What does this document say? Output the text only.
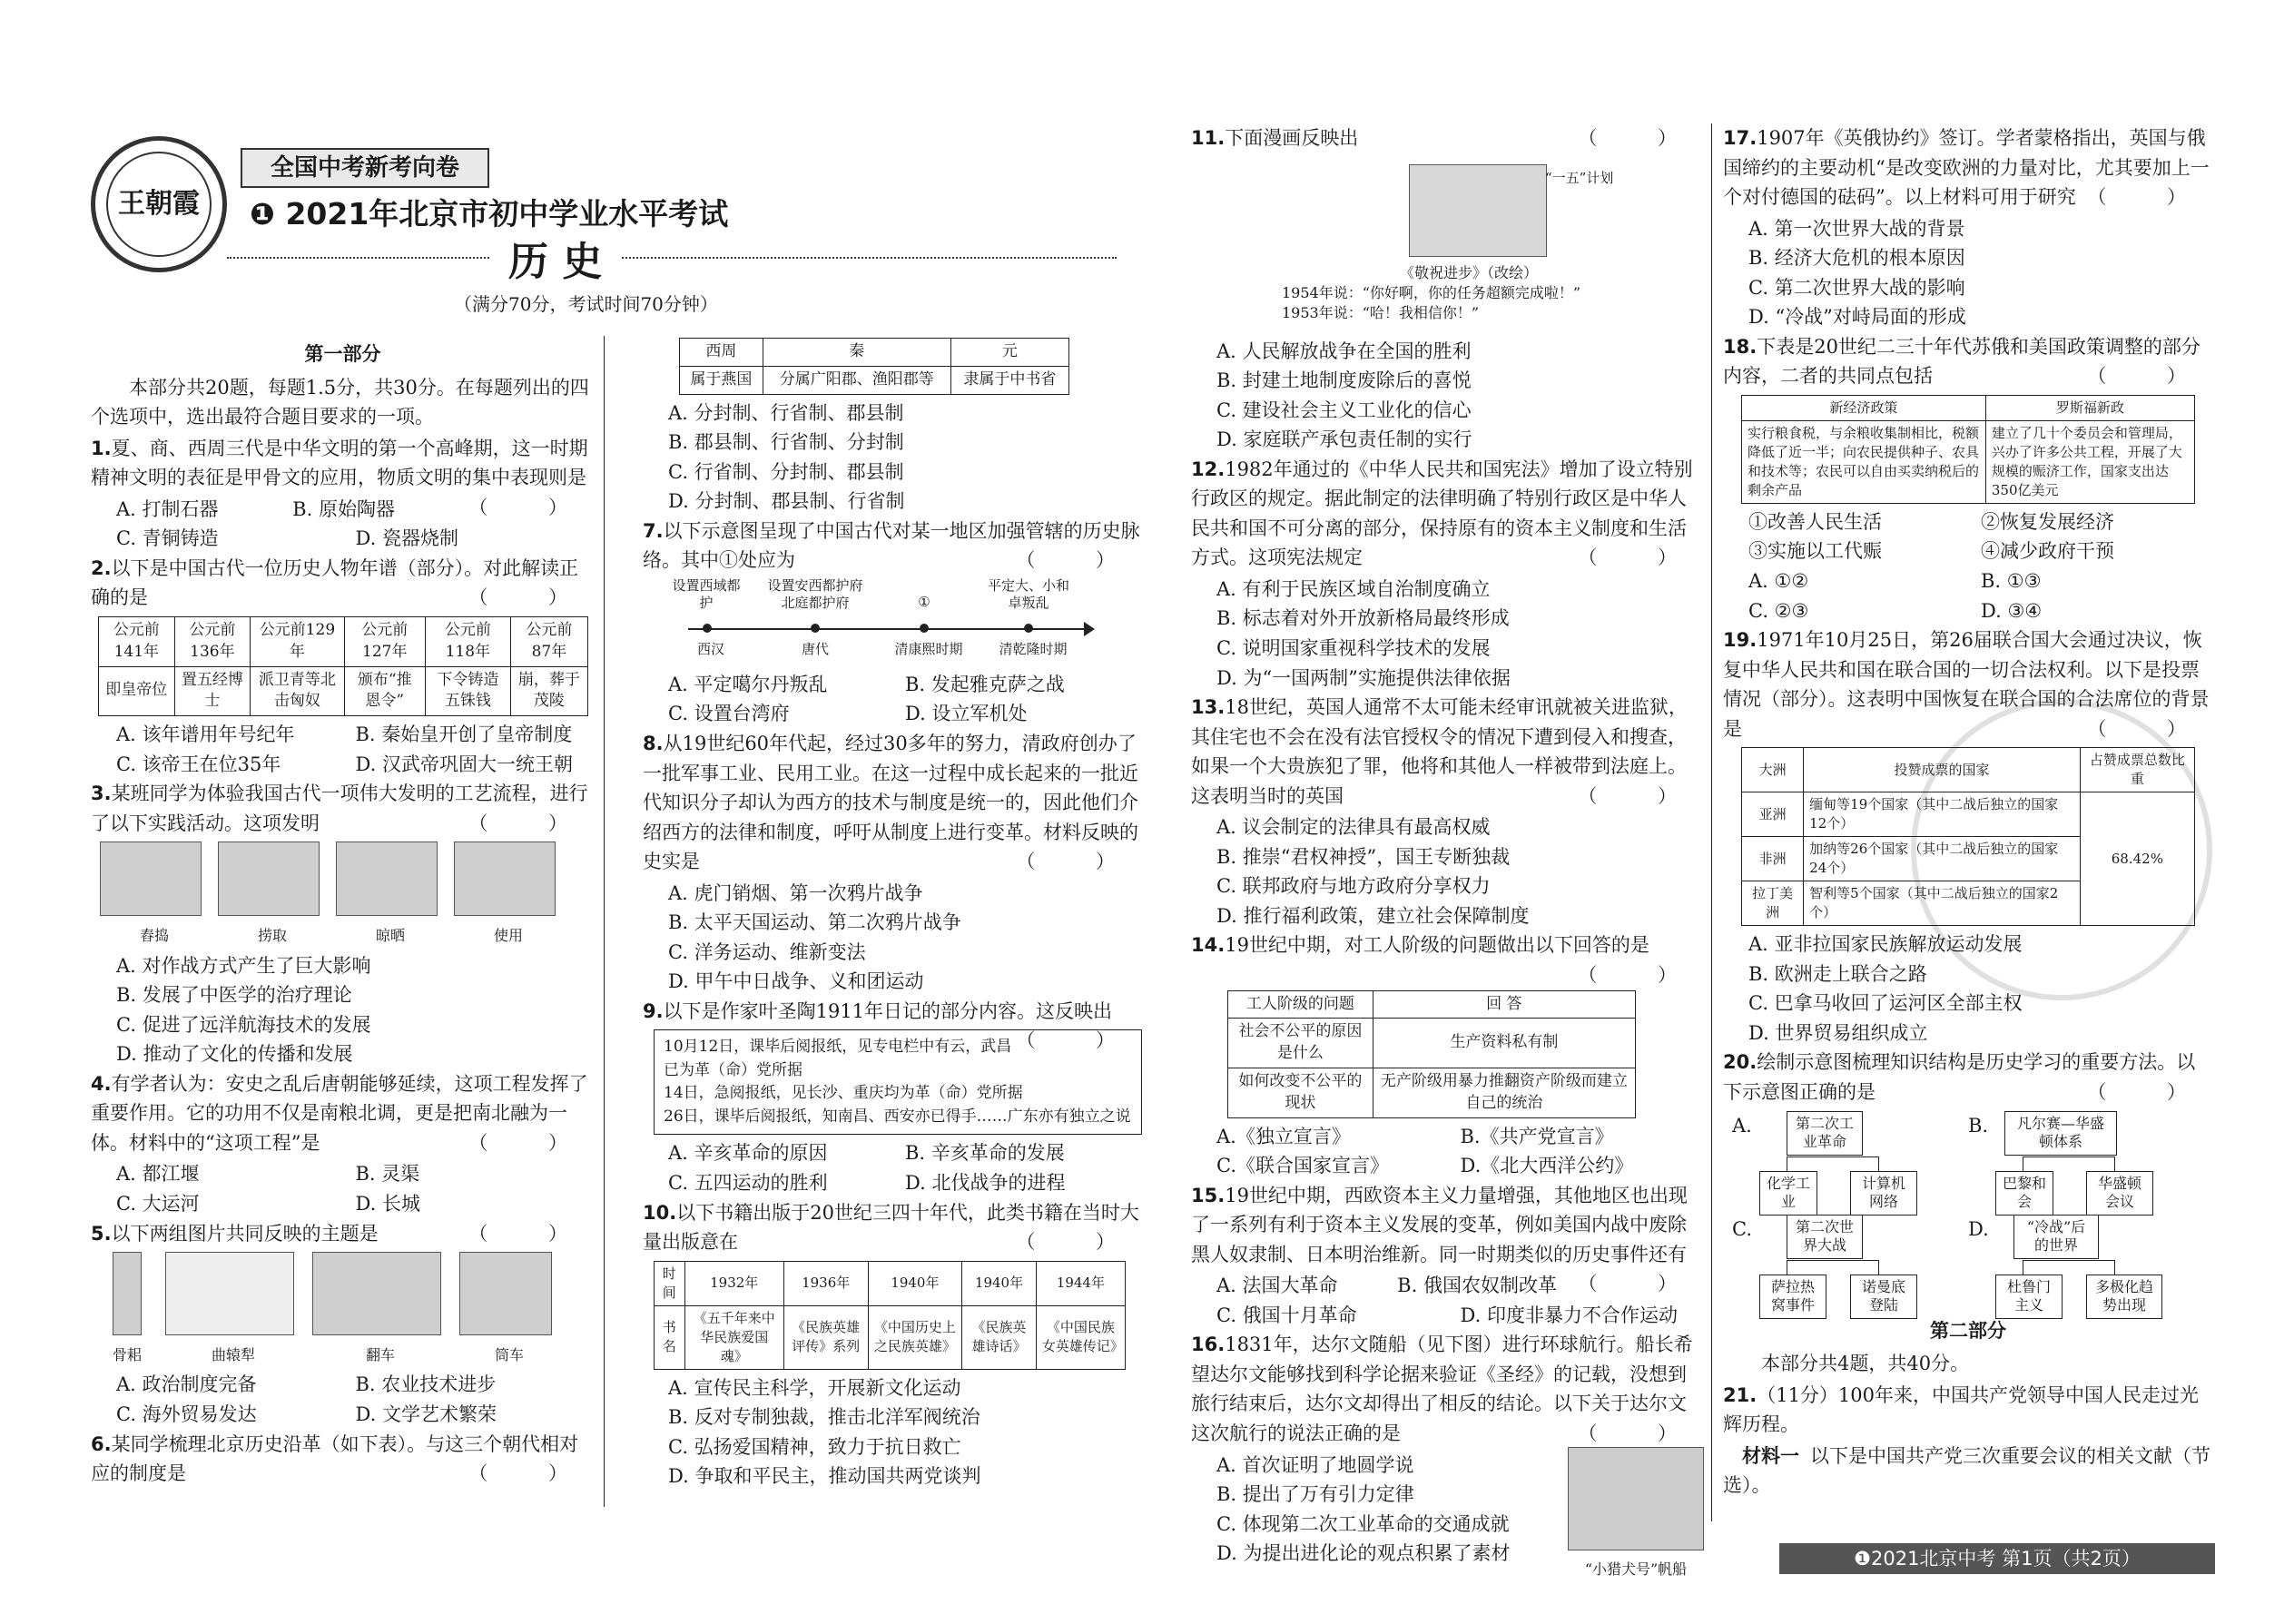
王朝霞
全国中考新考向卷
❶ 2021年北京市初中学业水平考试
历 史
（满分70分，考试时间70分钟）
第一部分
本部分共20题，每题1.5分，共30分。在每题列出的四个选项中，选出最符合题目要求的一项。
1.夏、商、西周三代是中华文明的第一个高峰期，这一时期精神文明的表征是甲骨文的应用，物质文明的集中表现则是
（ ）
A. 打制石器	B. 原始陶器
C. 青铜铸造	D. 瓷器烧制
2.以下是中国古代一位历史人物年谱（部分）。对此解读正确的是	（ ）
公元前141年	公元前136年	公元前129年	公元前127年	公元前118年	公元前87年
即皇帝位	置五经博士	派卫青等北击匈奴	颁布“推恩令”	下令铸造五铢钱	崩，葬于茂陵
A. 该年谱用年号纪年	B. 秦始皇开创了皇帝制度
C. 该帝王在位35年	D. 汉武帝巩固大一统王朝
3.某班同学为体验我国古代一项伟大发明的工艺流程，进行了以下实践活动。这项发明	（ ）
舂捣	捞取	晾晒	使用
A. 对作战方式产生了巨大影响
B. 发展了中医学的治疗理论
C. 促进了远洋航海技术的发展
D. 推动了文化的传播和发展
4.有学者认为：安史之乱后唐朝能够延续，这项工程发挥了重要作用。它的功用不仅是南粮北调，更是把南北融为一体。材料中的“这项工程”是	（ ）
A. 都江堰	B. 灵渠
C. 大运河	D. 长城
5.以下两组图片共同反映的主题是	（ ）
骨耜	曲辕犁	翻车	筒车
A. 政治制度完备	B. 农业技术进步
C. 海外贸易发达	D. 文学艺术繁荣
6.某同学梳理北京历史沿革（如下表）。与这三个朝代相对应的制度是	（ ）
西周	秦	元
属于燕国	分属广阳郡、渔阳郡等	隶属于中书省
A. 分封制、行省制、郡县制
B. 郡县制、行省制、分封制
C. 行省制、分封制、郡县制
D. 分封制、郡县制、行省制
7.以下示意图呈现了中国古代对某一地区加强管辖的历史脉络。其中①处应为	（ ）
设置西域都护
设置安西都护府 北庭都护府	①
平定大、小和卓叛乱
西汉	唐代	清康熙时期	清乾隆时期
A. 平定噶尔丹叛乱	B. 发起雅克萨之战
C. 设置台湾府	D. 设立军机处
8.从19世纪60年代起，经过30多年的努力，清政府创办了一批军事工业、民用工业。在这一过程中成长起来的一批近代知识分子却认为西方的技术与制度是统一的，因此他们介绍西方的法律和制度，呼吁从制度上进行变革。材料反映的史实是	（ ）
A. 虎门销烟、第一次鸦片战争
B. 太平天国运动、第二次鸦片战争
C. 洋务运动、维新变法
D. 甲午中日战争、义和团运动
9.以下是作家叶圣陶1911年日记的部分内容。这反映出
（ ）
10月12日，课毕后阅报纸，见专电栏中有云，武昌已为革（命）党所据
14日，急阅报纸，见长沙、重庆均为革（命）党所据
26日，课毕后阅报纸，知南昌、西安亦已得手……广东亦有独立之说
A. 辛亥革命的原因	B. 辛亥革命的发展
C. 五四运动的胜利	D. 北伐战争的进程
10.以下书籍出版于20世纪三四十年代，此类书籍在当时大量出版意在	（ ）
时间	1932年	1936年	1940年	1940年	1944年
书名	《五千年来中华民族爱国魂》	《民族英雄评传》系列	《中国历史上之民族英雄》	《民族英雄诗话》	《中国民族女英雄传记》
A. 宣传民主科学，开展新文化运动
B. 反对专制独裁，推击北洋军阀统治
C. 弘扬爱国精神，致力于抗日救亡
D. 争取和平民主，推动国共两党谈判
11.下面漫画反映出	（ ）
“一五”计划
《敬祝进步》（改绘）
1954年说：“你好啊，你的任务超额完成啦！”
1953年说：“哈！我相信你！”
A. 人民解放战争在全国的胜利
B. 封建土地制度废除后的喜悦
C. 建设社会主义工业化的信心
D. 家庭联产承包责任制的实行
12.1982年通过的《中华人民共和国宪法》增加了设立特别行政区的规定。据此制定的法律明确了特别行政区是中华人民共和国不可分离的部分，保持原有的资本主义制度和生活方式。这项宪法规定	（ ）
A. 有利于民族区域自治制度确立
B. 标志着对外开放新格局最终形成
C. 说明国家重视科学技术的发展
D. 为“一国两制”实施提供法律依据
13.18世纪，英国人通常不太可能未经审讯就被关进监狱，其住宅也不会在没有法官授权令的情况下遭到侵入和搜查，如果一个大贵族犯了罪，他将和其他人一样被带到法庭上。这表明当时的英国	（ ）
A. 议会制定的法律具有最高权威
B. 推崇“君权神授”，国王专断独裁
C. 联邦政府与地方政府分享权力
D. 推行福利政策，建立社会保障制度
14.19世纪中期，对工人阶级的问题做出以下回答的是
（ ）
工人阶级的问题	回 答
社会不公平的原因是什么	生产资料私有制
如何改变不公平的现状	无产阶级用暴力推翻资产阶级而建立自己的统治
A.《独立宣言》	B.《共产党宣言》
C.《联合国家宣言》	D.《北大西洋公约》
15.19世纪中期，西欧资本主义力量增强，其他地区也出现了一系列有利于资本主义发展的变革，例如美国内战中废除黑人奴隶制、日本明治维新。同一时期类似的历史事件还有
（ ）
A. 法国大革命	B. 俄国农奴制改革
C. 俄国十月革命	D. 印度非暴力不合作运动
16.1831年，达尔文随船（见下图）进行环球航行。船长希望达尔文能够找到科学论据来验证《圣经》的记载，没想到旅行结束后，达尔文却得出了相反的结论。以下关于达尔文这次航行的说法正确的是	（ ）
A. 首次证明了地圆学说
B. 提出了万有引力定律
C. 体现第二次工业革命的交通成就
D. 为提出进化论的观点积累了素材
“小猎犬号”帆船
17.1907年《英俄协约》签订。学者蒙格指出，英国与俄国缔约的主要动机“是改变欧洲的力量对比，尤其要加上一个对付德国的砝码”。以上材料可用于研究 （ ）
A. 第一次世界大战的背景
B. 经济大危机的根本原因
C. 第二次世界大战的影响
D. “冷战”对峙局面的形成
18.下表是20世纪二三十年代苏俄和美国政策调整的部分内容，二者的共同点包括	（ ）
新经济政策	罗斯福新政
实行粮食税，与余粮收集制相比，税额降低了近一半；向农民提供种子、农具和技术等；农民可以自由买卖纳税后的剩余产品	建立了几十个委员会和管理局，兴办了许多公共工程，开展了大规模的赈济工作，国家支出达350亿美元
①改善人民生活	②恢复发展经济
③实施以工代赈	④减少政府干预
A. ①②	B. ①③
C. ②③	D. ③④
19.1971年10月25日，第26届联合国大会通过决议，恢复中华人民共和国在联合国的一切合法权利。以下是投票情况（部分）。这表明中国恢复在联合国的合法席位的背景是	（ ）
大洲	投赞成票的国家	占赞成票总数比重
亚洲	缅甸等19个国家（其中二战后独立的国家12个）	68.42%
非洲	加纳等26个国家（其中二战后独立的国家24个）	
拉丁美洲	智利等5个国家（其中二战后独立的国家2个）	
A. 亚非拉国家民族解放运动发展
B. 欧洲走上联合之路
C. 巴拿马收回了运河区全部主权
D. 世界贸易组织成立
20.绘制示意图梳理知识结构是历史学习的重要方法。以下示意图正确的是	（ ）
A.	第二次工业革命
化学工业
计算机网络
B.	凡尔赛—华盛顿体系
巴黎和会
华盛顿会议
C.	第二次世界大战
萨拉热窝事件
诺曼底登陆
D.	“冷战”后的世界
杜鲁门主义
多极化趋势出现
第二部分
本部分共4题，共40分。
21.（11分）100年来，中国共产党领导中国人民走过光辉历程。
材料一 以下是中国共产党三次重要会议的相关文献（节选）。
❶2021北京中考 第1页（共2页）
